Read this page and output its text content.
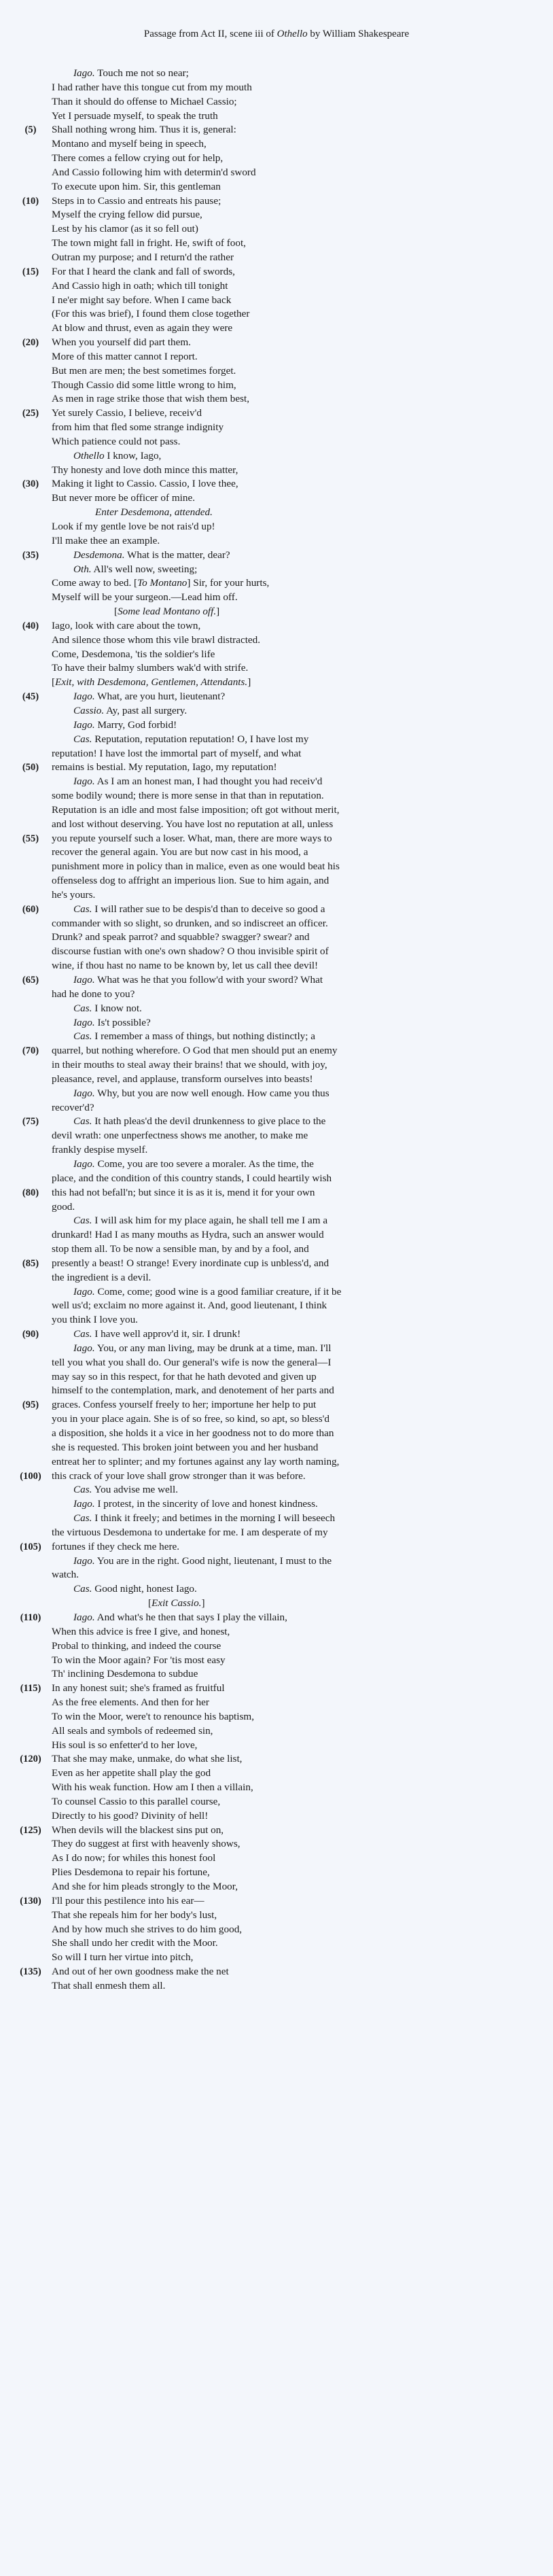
Passage from Act II, scene iii of Othello by William Shakespeare
Iago. Touch me not so near;
I had rather have this tongue cut from my mouth
Than it should do offense to Michael Cassio;
Yet I persuade myself, to speak the truth
(5)	Shall nothing wrong him. Thus it is, general:
Montano and myself being in speech,
There comes a fellow crying out for help,
And Cassio following him with determin'd sword
To execute upon him. Sir, this gentleman
(10)	Steps in to Cassio and entreats his pause;
Myself the crying fellow did pursue,
Lest by his clamor (as it so fell out)
The town might fall in fright. He, swift of foot,
Outran my purpose; and I return'd the rather
(15)	For that I heard the clank and fall of swords,
And Cassio high in oath; which till tonight
I ne'er might say before. When I came back
(For this was brief), I found them close together
At blow and thrust, even as again they were
(20)	When you yourself did part them.
More of this matter cannot I report.
But men are men; the best sometimes forget.
Though Cassio did some little wrong to him,
As men in rage strike those that wish them best,
(25)	Yet surely Cassio, I believe, receiv'd
from him that fled some strange indignity
Which patience could not pass.
Othello I know, Iago,
Thy honesty and love doth mince this matter,
(30)	Making it light to Cassio. Cassio, I love thee,
But never more be officer of mine.
Enter Desdemona, attended.
Look if my gentle love be not rais'd up!
I'll make thee an example.
(35)	Desdemona. What is the matter, dear?
Oth. All's well now, sweeting;
Come away to bed. [To Montano] Sir, for your hurts,
Myself will be your surgeon.—Lead him off.
[Some lead Montano off.]
(40)	Iago, look with care about the town,
And silence those whom this vile brawl distracted.
Come, Desdemona, 'tis the soldier's life
To have their balmy slumbers wak'd with strife.
[Exit, with Desdemona, Gentlemen, Attendants.]
(45)	Iago. What, are you hurt, lieutenant?
Cassio. Ay, past all surgery.
Iago. Marry, God forbid!
Cas. Reputation, reputation reputation! O, I have lost my
reputation! I have lost the immortal part of myself, and what
(50)	remains is bestial. My reputation, Iago, my reputation!
Iago. As I am an honest man, I had thought you had receiv'd
some bodily wound; there is more sense in that than in reputation.
Reputation is an idle and most false imposition; oft got without merit,
and lost without deserving. You have lost no reputation at all, unless
(55)	you repute yourself such a loser. What, man, there are more ways to
recover the general again. You are but now cast in his mood, a
punishment more in policy than in malice, even as one would beat his
offenseless dog to affright an imperious lion. Sue to him again, and
he's yours.
(60)	Cas. I will rather sue to be despis'd than to deceive so good a
commander with so slight, so drunken, and so indiscreet an officer.
Drunk? and speak parrot? and squabble? swagger? swear? and
discourse fustian with one's own shadow? O thou invisible spirit of
wine, if thou hast no name to be known by, let us call thee devil!
(65)	Iago. What was he that you follow'd with your sword? What
had he done to you?
Cas. I know not.
Iago. Is't possible?
Cas. I remember a mass of things, but nothing distinctly; a
(70)	quarrel, but nothing wherefore. O God that men should put an enemy
in their mouths to steal away their brains! that we should, with joy,
pleasance, revel, and applause, transform ourselves into beasts!
Iago. Why, but you are now well enough. How came you thus
recover'd?
(75)	Cas. It hath pleas'd the devil drunkenness to give place to the
devil wrath: one unperfectness shows me another, to make me
frankly despise myself.
Iago. Come, you are too severe a moraler. As the time, the
place, and the condition of this country stands, I could heartily wish
(80)	this had not befall'n; but since it is as it is, mend it for your own
good.
Cas. I will ask him for my place again, he shall tell me I am a
drunkard! Had I as many mouths as Hydra, such an answer would
stop them all. To be now a sensible man, by and by a fool, and
(85)	presently a beast! O strange! Every inordinate cup is unbless'd, and
the ingredient is a devil.
Iago. Come, come; good wine is a good familiar creature, if it be
well us'd; exclaim no more against it. And, good lieutenant, I think
you think I love you.
(90)	Cas. I have well approv'd it, sir. I drunk!
Iago. You, or any man living, may be drunk at a time, man. I'll
tell you what you shall do. Our general's wife is now the general—I
may say so in this respect, for that he hath devoted and given up
himself to the contemplation, mark, and denotement of her parts and
(95)	graces. Confess yourself freely to her; importune her help to put
you in your place again. She is of so free, so kind, so apt, so bless'd
a disposition, she holds it a vice in her goodness not to do more than
she is requested. This broken joint between you and her husband
entreat her to splinter; and my fortunes against any lay worth naming,
(100)	this crack of your love shall grow stronger than it was before.
Cas. You advise me well.
Iago. I protest, in the sincerity of love and honest kindness.
Cas. I think it freely; and betimes in the morning I will beseech
the virtuous Desdemona to undertake for me. I am desperate of my
(105)	fortunes if they check me here.
Iago. You are in the right. Good night, lieutenant, I must to the
watch.
Cas. Good night, honest Iago.
[Exit Cassio.]
(110)	Iago. And what's he then that says I play the villain,
When this advice is free I give, and honest,
Probal to thinking, and indeed the course
To win the Moor again? For 'tis most easy
Th' inclining Desdemona to subdue
(115)	In any honest suit; she's framed as fruitful
As the free elements. And then for her
To win the Moor, were't to renounce his baptism,
All seals and symbols of redeemed sin,
His soul is so enfetter'd to her love,
(120)	That she may make, unmake, do what she list,
Even as her appetite shall play the god
With his weak function. How am I then a villain,
To counsel Cassio to this parallel course,
Directly to his good? Divinity of hell!
(125)	When devils will the blackest sins put on,
They do suggest at first with heavenly shows,
As I do now; for whiles this honest fool
Plies Desdemona to repair his fortune,
And she for him pleads strongly to the Moor,
(130)	I'll pour this pestilence into his ear—
That she repeals him for her body's lust,
And by how much she strives to do him good,
She shall undo her credit with the Moor.
So will I turn her virtue into pitch,
(135)	And out of her own goodness make the net
That shall enmesh them all.
